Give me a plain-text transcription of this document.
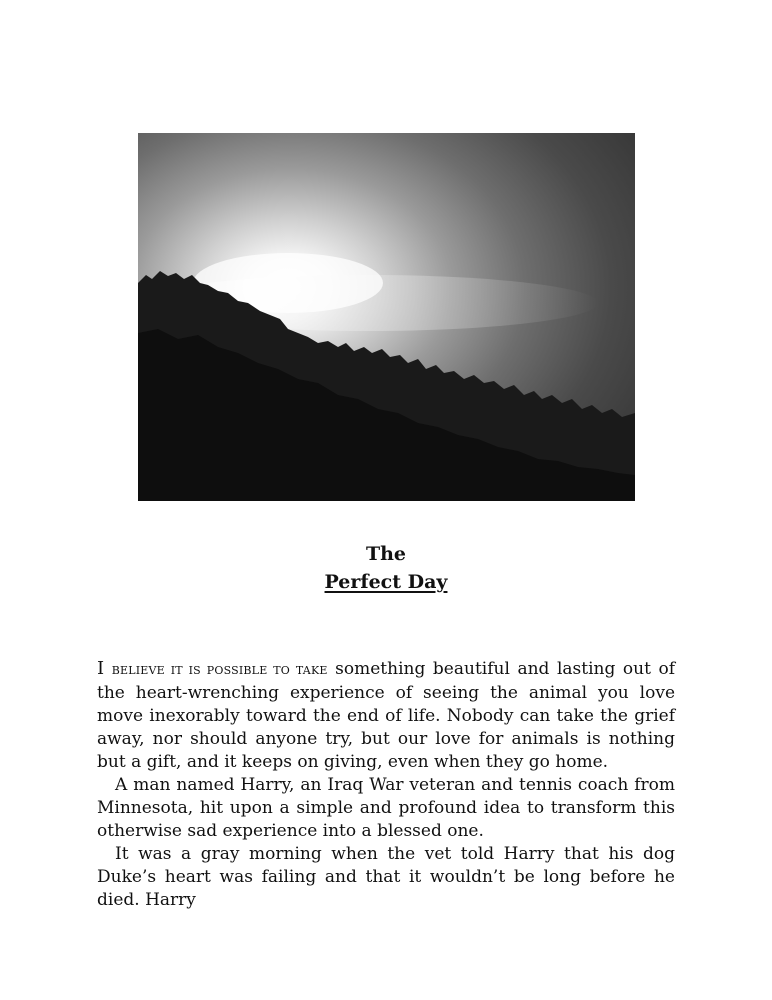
The
Perfect Day

I BELIEVE IT IS POSSIBLE TO TAKE something beautiful and lasting out of the heart-wrenching experience of seeing the animal you love move inexorably toward the end of life. Nobody can take the grief away, nor should anyone try, but our love for animals is nothing but a gift, and it keeps on giving, even when they go home.

A man named Harry, an Iraq War veteran and tennis coach from Minnesota, hit upon a simple and profound idea to transform this otherwise sad experience into a blessed one.

It was a gray morning when the vet told Harry that his dog Duke’s heart was failing and that it wouldn’t be long before he died. Harry
